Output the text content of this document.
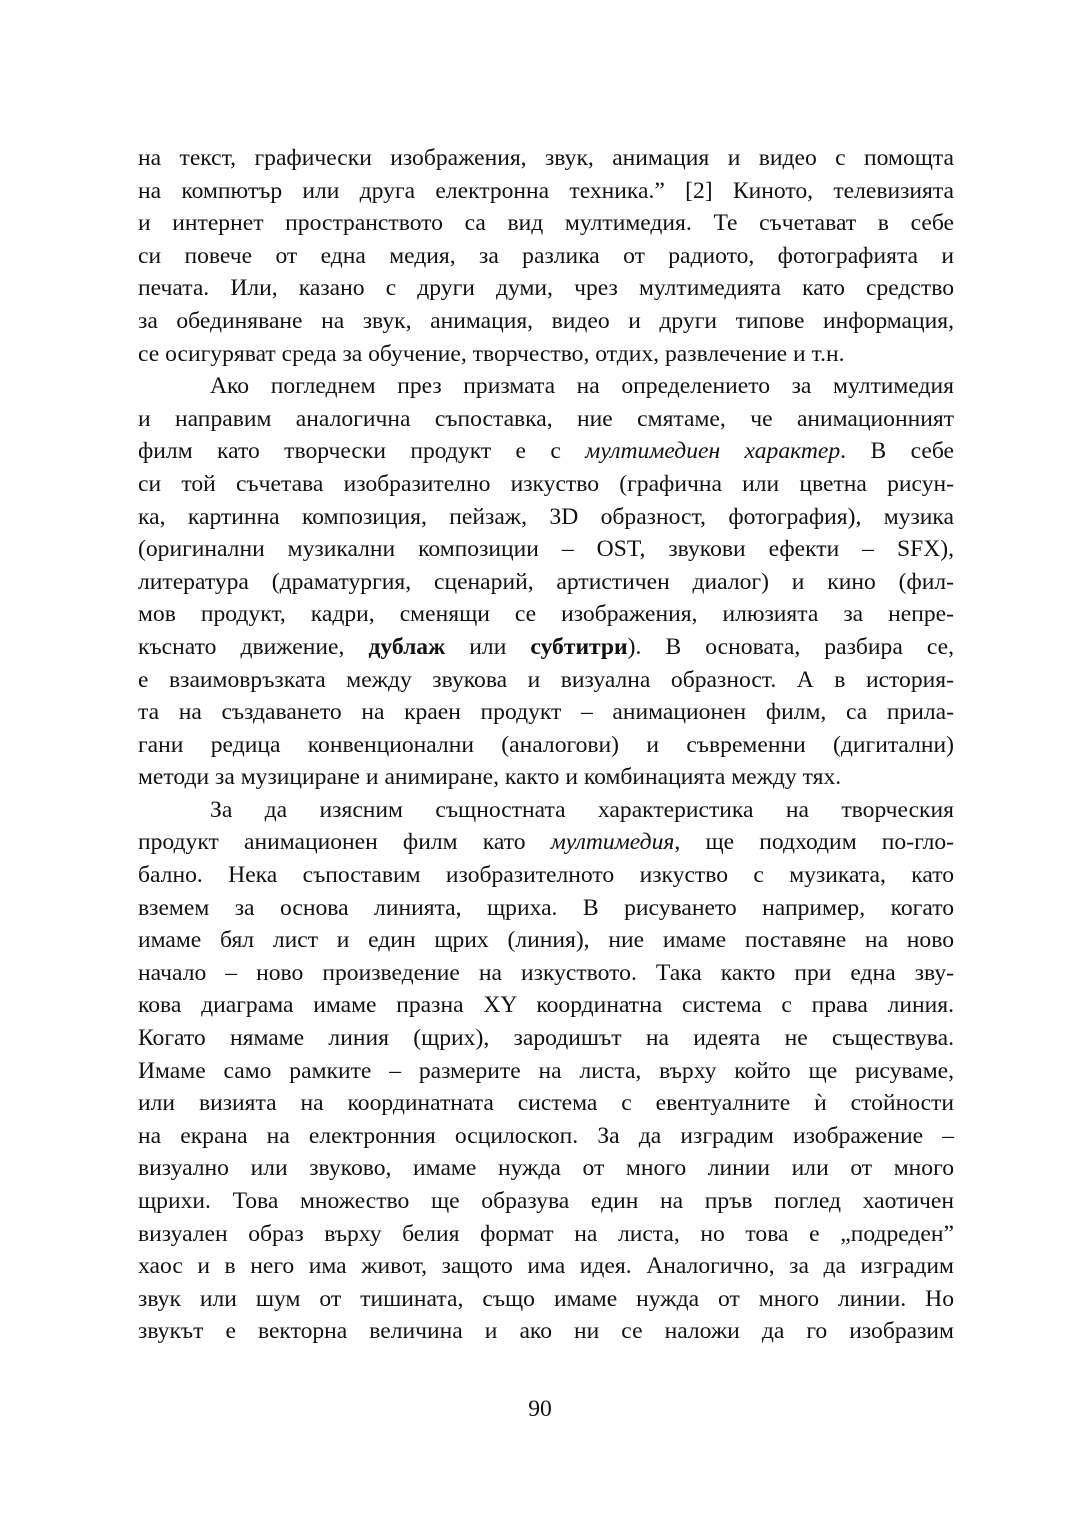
на текст, графически изображения, звук, анимация и видео с помощта
на компютър или друга електронна техника.” [2] Киното, телевизията
и интернет пространството са вид мултимедия. Те съчетават в себе
си повече от една медия, за разлика от радиото, фотографията и
печата. Или, казано с други думи, чрез мултимедията като средство
за обединяване на звук, анимация, видео и други типове информация,
се осигуряват среда за обучение, творчество, отдих, развлечение и т.н.
Ако погледнем през призмата на определението за мултимедия
и направим аналогична съпоставка, ние смятаме, че анимационният
филм като творчески продукт е с мултимедиен характер. В себе
си той съчетава изобразително изкуство (графична или цветна рисун-
ка, картинна композиция, пейзаж, 3D образност, фотография), музика
(оригинални музикални композиции – OST, звукови ефекти – SFX),
литература (драматургия, сценарий, артистичен диалог) и кино (фил-
мов продукт, кадри, сменящи се изображения, илюзията за непре-
къснато движение, дублаж или субтитри). В основата, разбира се,
е взаимовръзката между звукова и визуална образност. А в история-
та на създаването на краен продукт – анимационен филм, са прила-
гани редица конвенционални (аналогови) и съвременни (дигитални)
методи за музициране и анимиране, както и комбинацията между тях.
За да изясним същностната характеристика на творческия
продукт анимационен филм като мултимедия, ще подходим по-гло-
бално. Нека съпоставим изобразителното изкуство с музиката, като
вземем за основа линията, щриха. В рисуването например, когато
имаме бял лист и един щрих (линия), ние имаме поставяне на ново
начало – ново произведение на изкуството. Така както при една зву-
кова диаграма имаме празна XY координатна система с права линия.
Когато нямаме линия (щрих), зародишът на идеята не съществува.
Имаме само рамките – размерите на листа, върху който ще рисуваме,
или визията на координатната система с евентуалните ѝ стойности
на екрана на електронния осцилоскоп. За да изградим изображение –
визуално или звуково, имаме нужда от много линии или от много
щрихи. Това множество ще образува един на пръв поглед хаотичен
визуален образ върху белия формат на листа, но това е „подреден”
хаос и в него има живот, защото има идея. Аналогично, за да изградим
звук или шум от тишината, също имаме нужда от много линии. Но
звукът е векторна величина и ако ни се наложи да го изобразим
90
